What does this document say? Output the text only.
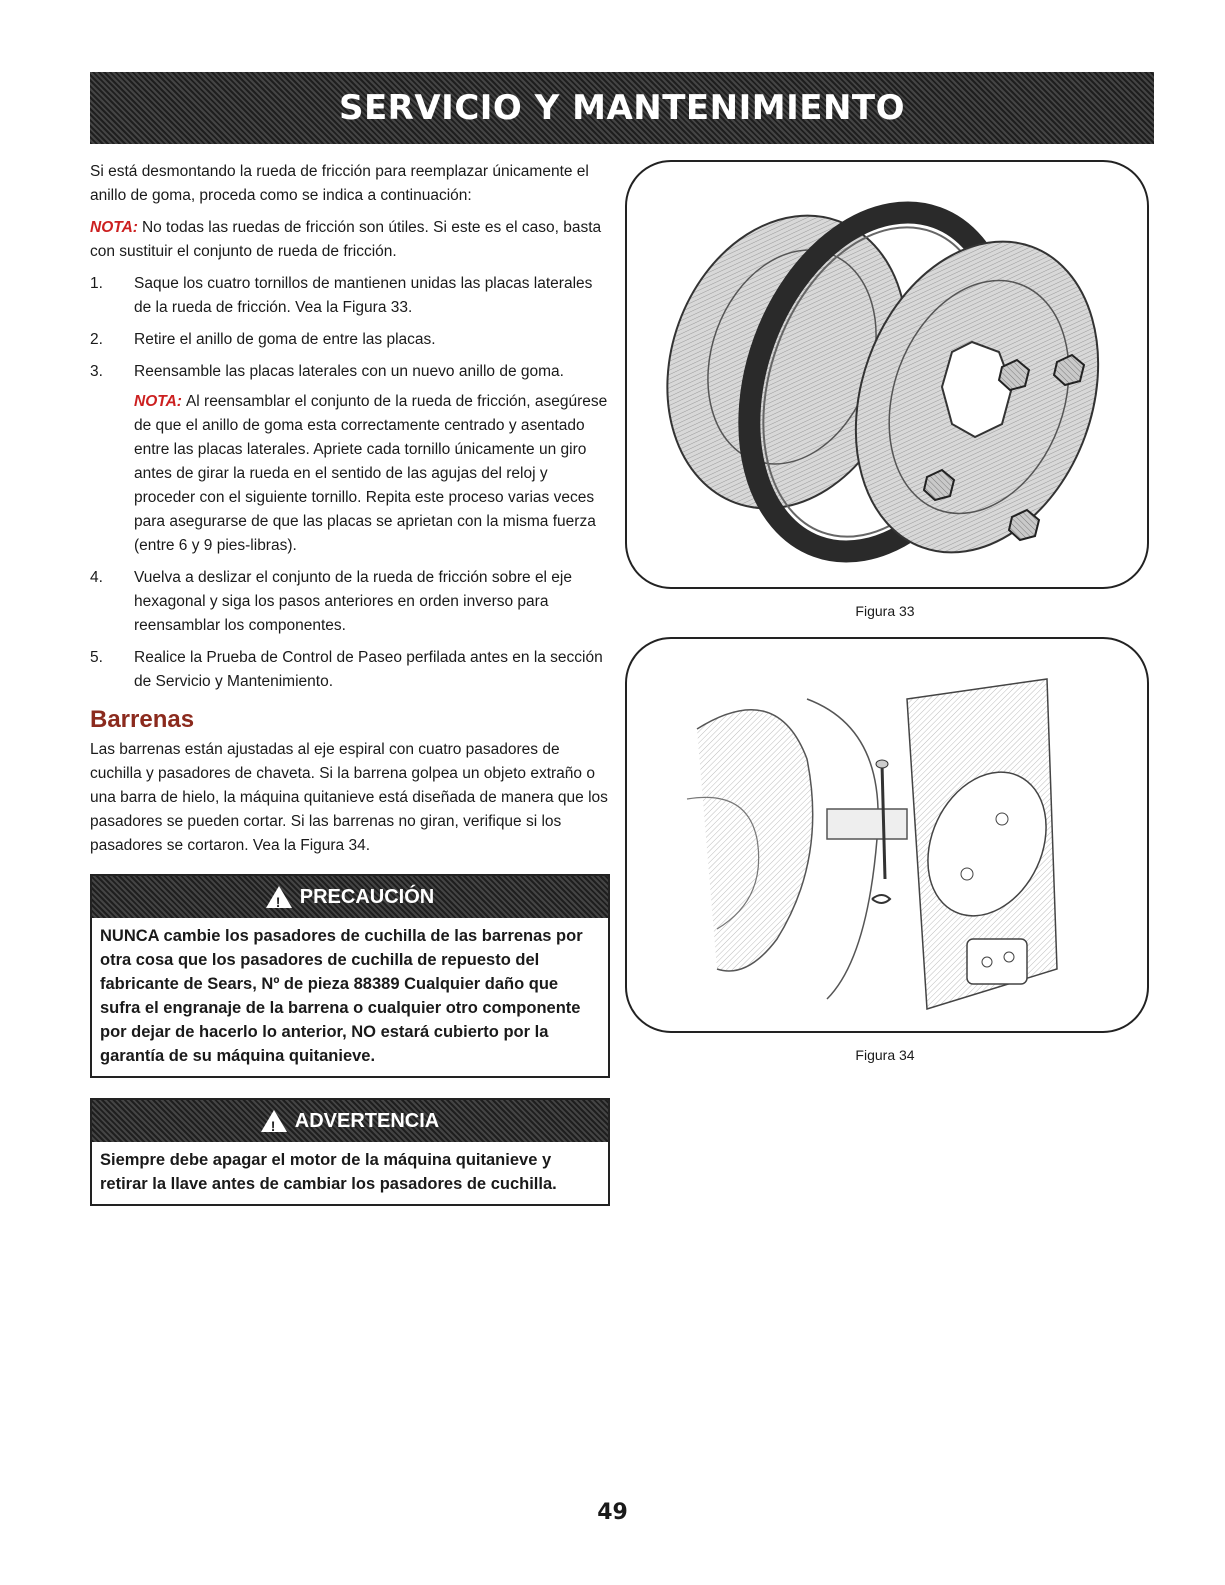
SERVICIO Y MANTENIMIENTO

Si está desmontando la rueda de fricción para reemplazar únicamente el anillo de goma, proceda como se indica a continuación:

NOTA: No todas las ruedas de fricción son útiles. Si este es el caso, basta con sustituir el conjunto de rueda de fricción.

1. Saque los cuatro tornillos de mantienen unidas las placas laterales de la rueda de fricción. Vea la Figura 33.
2. Retire el anillo de goma de entre las placas.
3. Reensamble las placas laterales con un nuevo anillo de goma.
NOTA: Al reensamblar el conjunto de la rueda de fricción, asegúrese de que el anillo de goma esta correctamente centrado y asentado entre las placas laterales. Apriete cada tornillo únicamente un giro antes de girar la rueda en el sentido de las agujas del reloj y proceder con el siguiente tornillo. Repita este proceso varias veces para asegurarse de que las placas se aprietan con la misma fuerza (entre 6 y 9 pies-libras).
4. Vuelva a deslizar el conjunto de la rueda de fricción sobre el eje hexagonal y siga los pasos anteriores en orden inverso para reensamblar los componentes.
5. Realice la Prueba de Control de Paseo perfilada antes en la sección de Servicio y Mantenimiento.
Barrenas

Las barrenas están ajustadas al eje espiral con cuatro pasadores de cuchilla y pasadores de chaveta. Si la barrena golpea un objeto extraño o una barra de hielo, la máquina quitanieve está diseñada de manera que los pasadores se pueden cortar. Si las barrenas no giran, verifique si los pasadores se cortaron. Vea la Figura 34.

!
PRECAUCIÓN
NUNCA cambie los pasadores de cuchilla de las barrenas por otra cosa que los pasadores de cuchilla de repuesto del fabricante de Sears, Nº de pieza 88389 Cualquier daño que sufra el engranaje de la barrena o cualquier otro componente por dejar de hacerlo lo anterior, NO estará cubierto por la garantía de su máquina quitanieve.
!
ADVERTENCIA
Siempre debe apagar el motor de la máquina quitanieve y retirar la llave antes de cambiar los pasadores de cuchilla.
Figura 33
Figura 34
49
